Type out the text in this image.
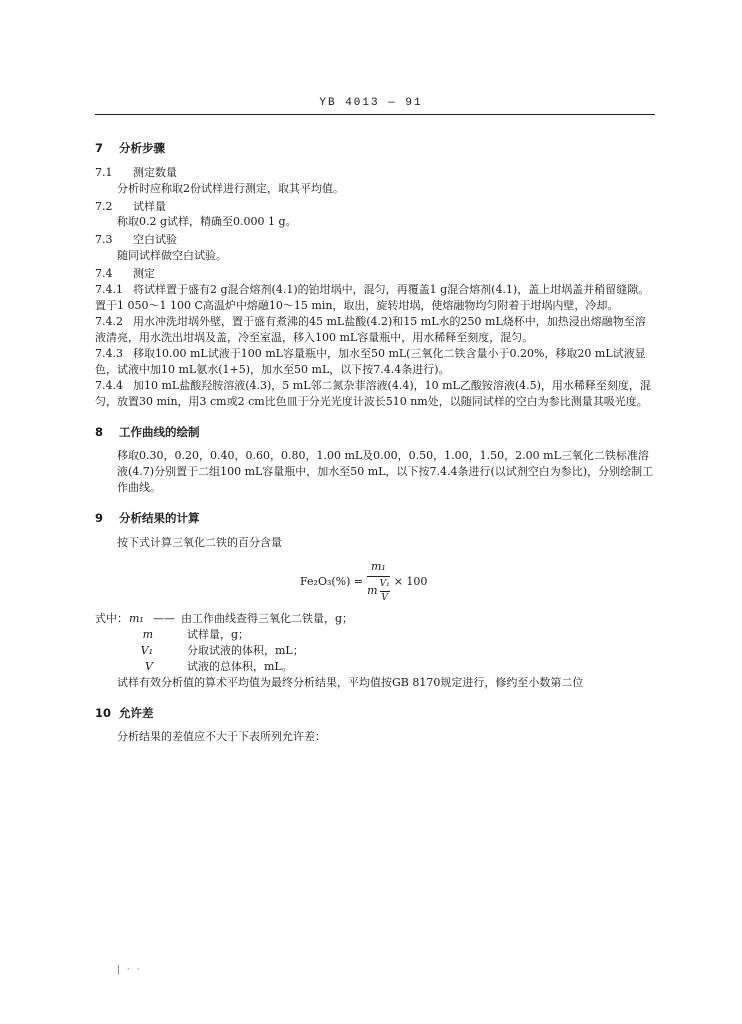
YB 4013 — 91
7 分析步骤

7.1 测定数量

分析时应称取2份试样进行测定，取其平均值。

7.2 试样量

称取0.2 g试样，精确至0.000 1 g。

7.3 空白试验

随同试样做空白试验。

7.4 测定

7.4.1 将试样置于盛有2 g混合熔剂(4.1)的铂坩埚中，混匀，再覆盖1 g混合熔剂(4.1)，盖上坩埚盖并稍留缝隙。置于1 050～1 100 C高温炉中熔融10～15 min，取出，旋转坩埚，使熔融物均匀附着于坩埚内壁，冷却。

7.4.2 用水冲洗坩埚外壁，置于盛有煮沸的45 mL盐酸(4.2)和15 mL水的250 mL烧杯中，加热浸出熔融物至溶液清亮，用水洗出坩埚及盖，冷至室温，移入100 mL容量瓶中，用水稀释至刻度，混匀。

7.4.3 移取10.00 mL试液于100 mL容量瓶中，加水至50 mL(三氧化二铁含量小于0.20%，移取20 mL试液显色，试液中加10 mL氨水(1+5)，加水至50 mL，以下按7.4.4条进行)。

7.4.4 加10 mL盐酸羟胺溶液(4.3)，5 mL邻二氮杂菲溶液(4.4)，10 mL乙酸铵溶液(4.5)，用水稀释至刻度，混匀，放置30 min，用3 cm或2 cm比色皿于分光光度计波长510 nm处，以随同试样的空白为参比测量其吸光度。

8 工作曲线的绘制

移取0.30，0.20，0.40，0.60，0.80，1.00 mL及0.00，0.50，1.00，1.50，2.00 mL三氧化二铁标准溶液(4.7)分别置于二组100 mL容量瓶中，加水至50 mL，以下按7.4.4条进行(以试剂空白为参比)，分别绘制工作曲线。

9 分析结果的计算

按下式计算三氧化二铁的百分含量

$Fe_2O_3(\%) = \frac{\text{m₁}}{m \frac{\text{V₁}}{V}} \times 100$
式中： m₁ —— 由工作曲线查得三氧化二铁量，g；
m	试样量，g；
V₁	分取试液的体积，mL；
V	试液的总体积，mL。

试样有效分析值的算术平均值为最终分析结果，平均值按GB 8170规定进行，修约至小数第二位

10 允许差

分析结果的差值应不大于下表所列允许差：

| · ·
